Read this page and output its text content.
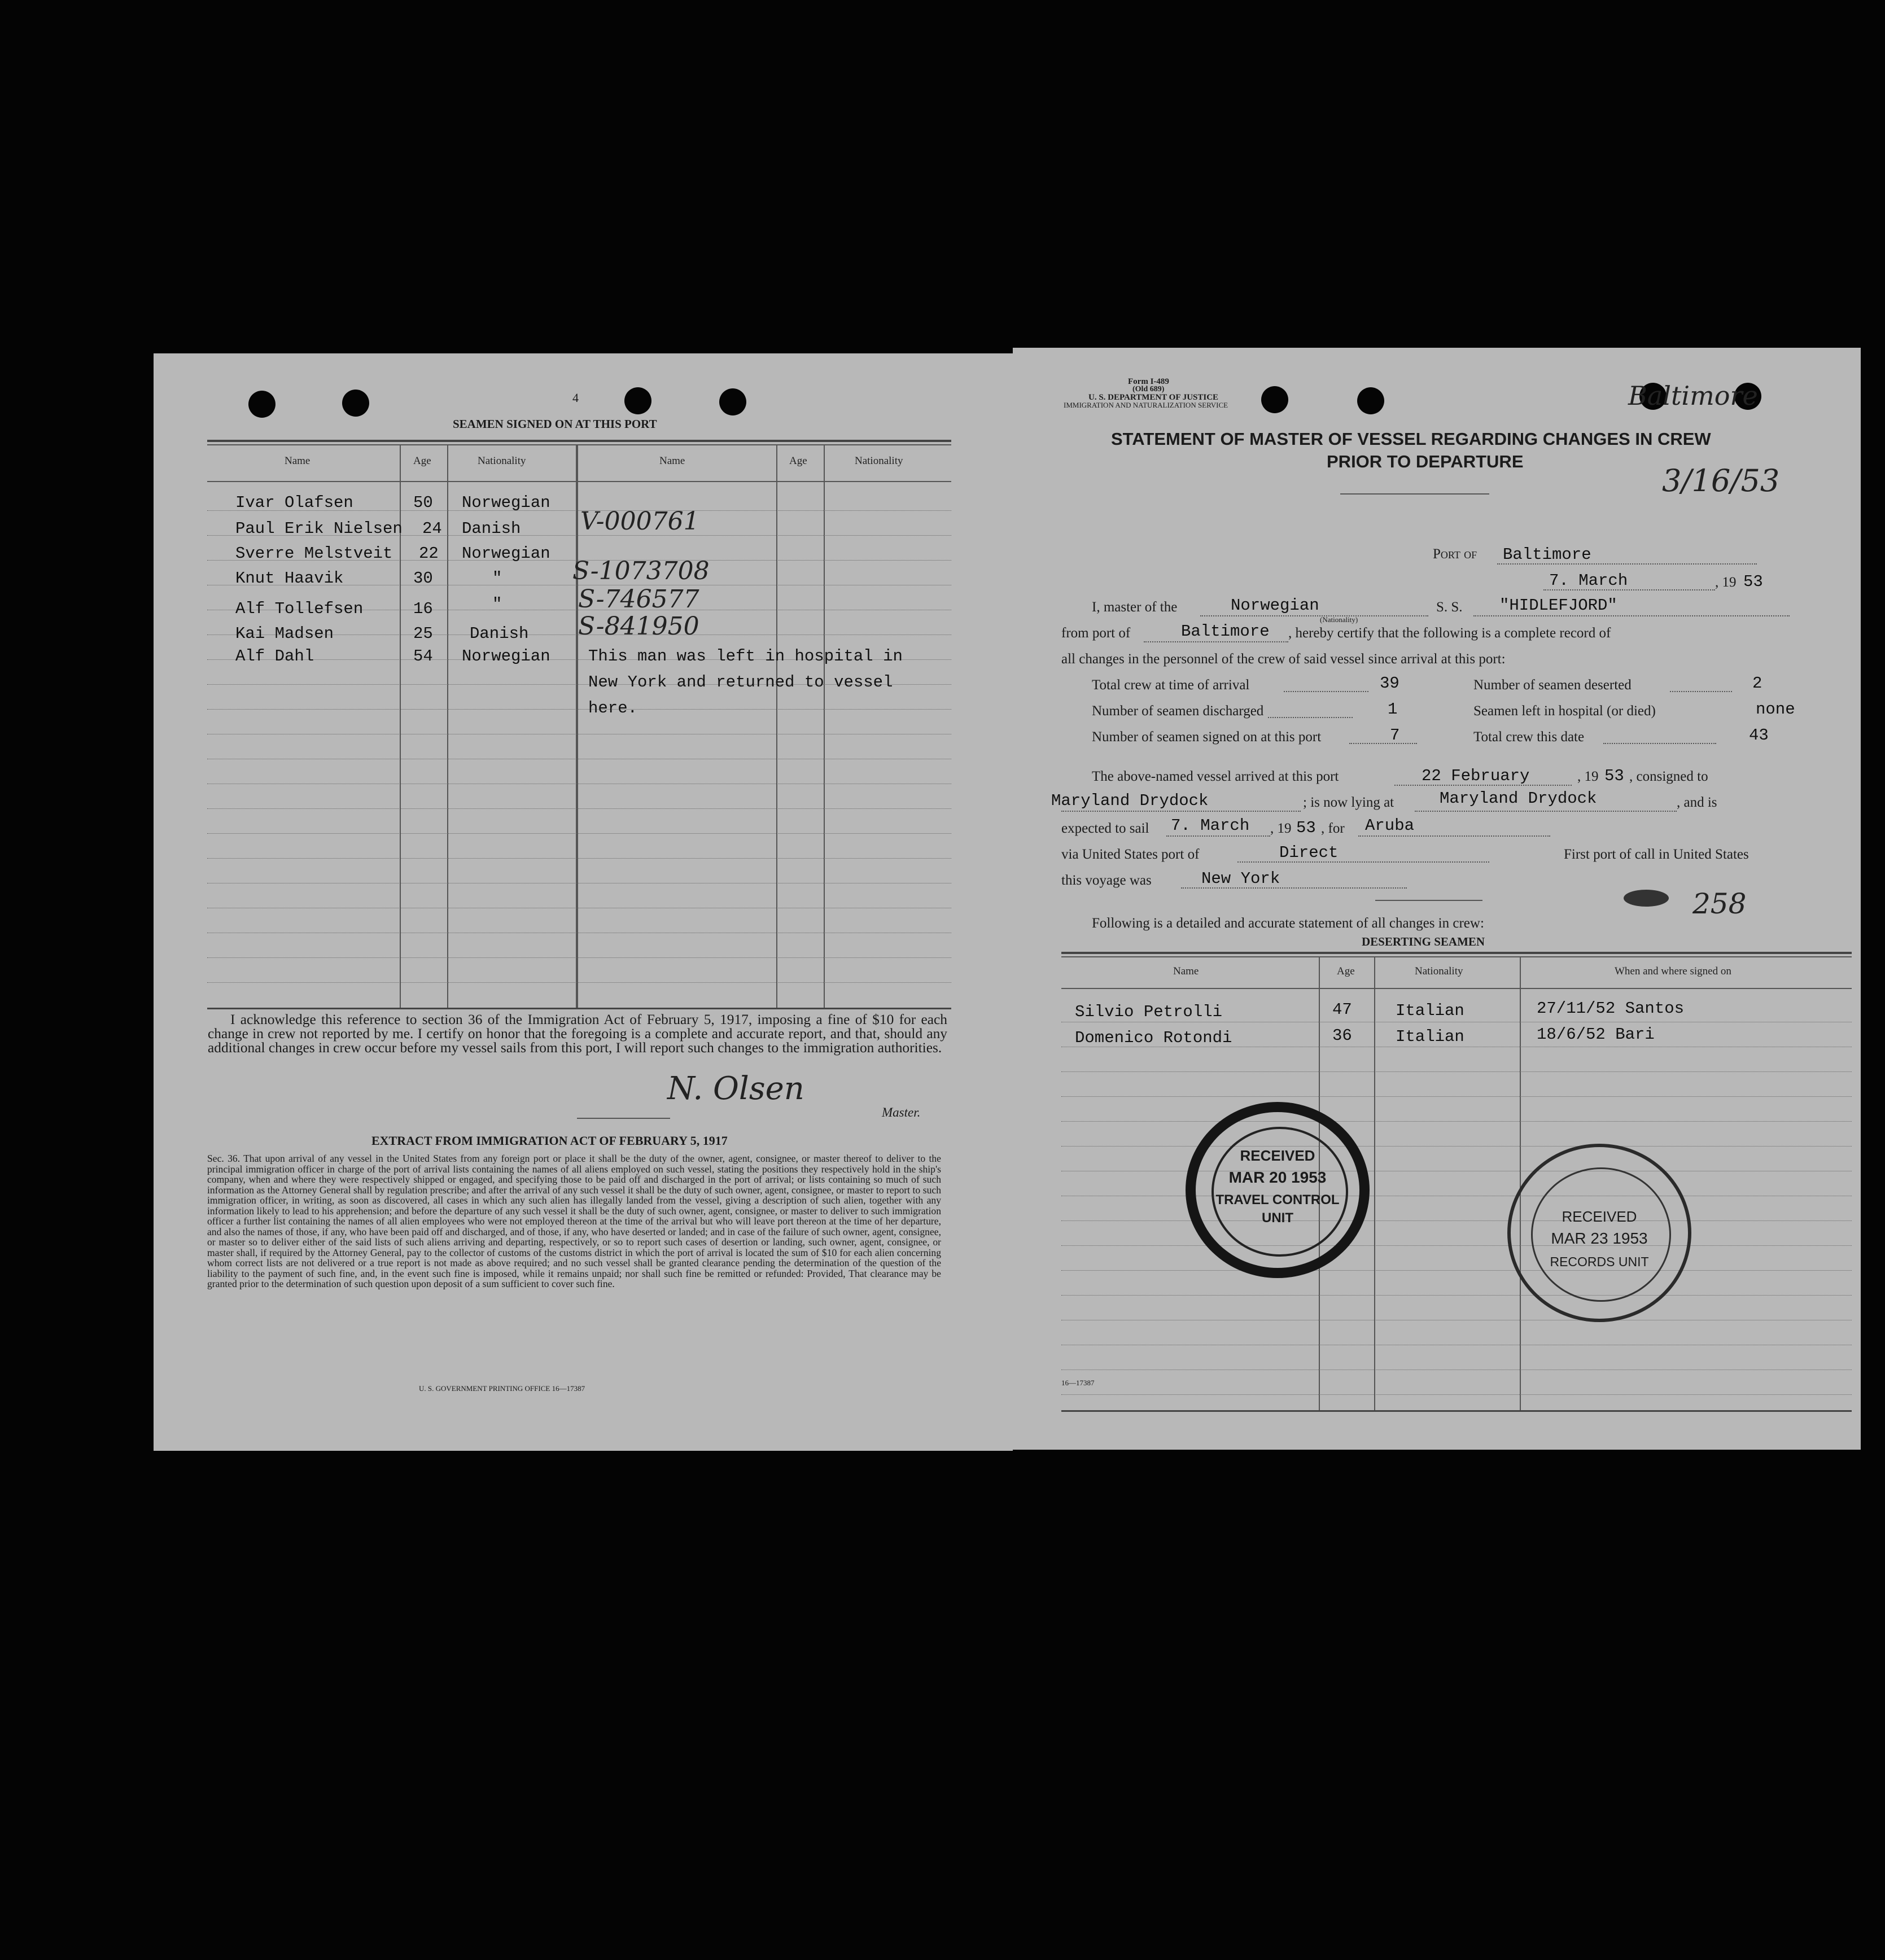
4
SEAMEN SIGNED ON AT THIS PORT
Name	Age	Nationality	Name	Age	Nationality
Ivar Olafsen	50 Norwegian
Paul Erik Nielsen 24 Danish V-000761
Sverre Melstveit 22 Norwegian
Knut Haavik	30	"	S-1073708
Alf Tollefsen	16	"	S-746577
Kai Madsen	25 Danish S-841950
Alf Dahl	54 Norwegian This man was left in hospital in
New York and returned to vessel
here.
I acknowledge this reference to section 36 of the Immigration Act of February 5, 1917, imposing a fine of $10 for each change in crew not reported by me. I certify on honor that the foregoing is a complete and accurate report, and that, should any additional changes in crew occur before my vessel sails from this port, I will report such changes to the immigration authorities.
N. Olsen
Master.
EXTRACT FROM IMMIGRATION ACT OF FEBRUARY 5, 1917
Sec. 36. That upon arrival of any vessel in the United States from any foreign port or place it shall be the duty of the owner, agent, consignee, or master thereof to deliver to the principal immigration officer in charge of the port of arrival lists containing the names of all aliens employed on such vessel, stating the positions they respectively hold in the ship's company, when and where they were respectively shipped or engaged, and specifying those to be paid off and discharged in the port of arrival; or lists containing so much of such information as the Attorney General shall by regulation prescribe; and after the arrival of any such vessel it shall be the duty of such owner, agent, consignee, or master to report to such immigration officer, in writing, as soon as discovered, all cases in which any such alien has illegally landed from the vessel, giving a description of such alien, together with any information likely to lead to his apprehension; and before the departure of any such vessel it shall be the duty of such owner, agent, consignee, or master to deliver to such immigration officer a further list containing the names of all alien employees who were not employed thereon at the time of the arrival but who will leave port thereon at the time of her departure, and also the names of those, if any, who have been paid off and discharged, and of those, if any, who have deserted or landed; and in case of the failure of such owner, agent, consignee, or master so to deliver either of the said lists of such aliens arriving and departing, respectively, or so to report such cases of desertion or landing, such owner, agent, consignee, or master shall, if required by the Attorney General, pay to the collector of customs of the customs district in which the port of arrival is located the sum of $10 for each alien concerning whom correct lists are not delivered or a true report is not made as above required; and no such vessel shall be granted clearance pending the determination of the question of the liability to the payment of such fine, and, in the event such fine is imposed, while it remains unpaid; nor shall such fine be remitted or refunded: Provided, That clearance may be granted prior to the determination of such question upon deposit of a sum sufficient to cover such fine.
U. S. GOVERNMENT PRINTING OFFICE 16—17387
Form I-489
(Old 689)
U. S. DEPARTMENT OF JUSTICE
IMMIGRATION AND NATURALIZATION SERVICE	Baltimore
3/16/53
STATEMENT OF MASTER OF VESSEL REGARDING CHANGES IN CREW
PRIOR TO DEPARTURE
Port of Baltimore
7. March	, 19 53
I, master of the	Norwegian
(Nationality)
S. S. "HIDLEFJORD"
from port of	Baltimore , hereby certify that the following is a complete record of
all changes in the personnel of the crew of said vessel since arrival at this port:
Total crew at time of arrival	39	Number of seamen deserted	2
Number of seamen discharged	1	Seamen left in hospital (or died)	none
Number of seamen signed on at this port	7	Total crew this date	43
The above-named vessel arrived at this port	22 February	, 19 53 , consigned to
Maryland Drydock	; is now lying at	Maryland Drydock	, and is
expected to sail 7. March , 19 53 , for Aruba
via United States port of	Direct	First port of call in United States
this voyage was	New York
258
Following is a detailed and accurate statement of all changes in crew:
DESERTING SEAMEN
Name	Age	Nationality	When and where signed on
Silvio Petrolli	47	Italian	27/11/52 Santos
Domenico Rotondi	36	Italian	18/6/52 Bari
16—17387
RECEIVED
MAR 20 1953
TRAVEL CONTROL
UNIT	RECEIVED
MAR 23 1953
RECORDS UNIT
